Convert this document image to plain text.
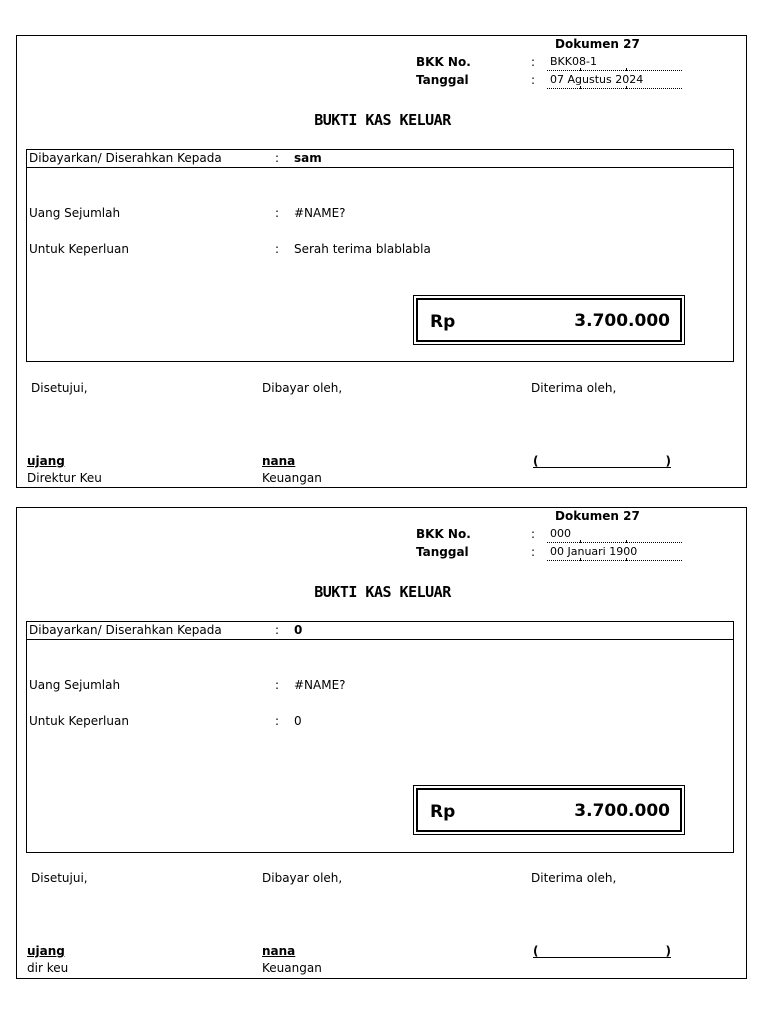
Dokumen 27
BKK No.	: BKK08-1
Tanggal	: 07 Agustus 2024
BUKTI KAS KELUAR
Dibayarkan/ Diserahkan Kepada	: sam
Uang Sejumlah	: #NAME?
Untuk Keperluan	: Serah terima blablabla
Rp	3.700.000
Disetujui,	Dibayar oleh,	Diterima oleh,
ujang	nana	(	)
Direktur Keu	Keuangan
Dokumen 27
BKK No.	: 000
Tanggal	: 00 Januari 1900
BUKTI KAS KELUAR
Dibayarkan/ Diserahkan Kepada	: 0
Uang Sejumlah	: #NAME?
Untuk Keperluan	: 0
Rp	3.700.000
Disetujui,	Dibayar oleh,	Diterima oleh,
ujang	nana	(	)
dir keu	Keuangan
